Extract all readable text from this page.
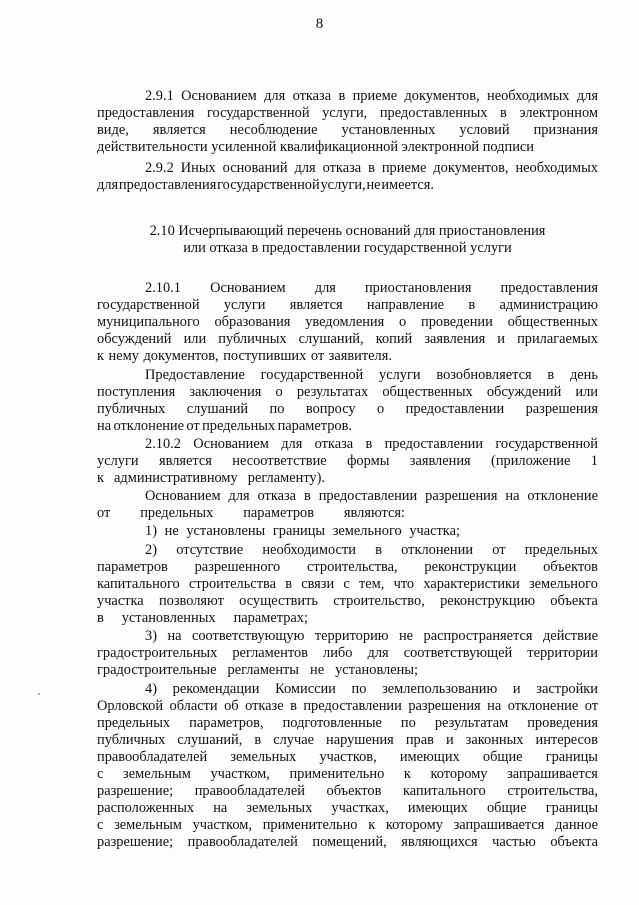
8
2.9.1 Основанием для отказа в приеме документов, необходимых для
предоставления государственной услуги, предоставленных в электронном
виде, является несоблюдение установленных условий признания
действительности усиленной квалификационной электронной подписи
2.9.2 Иных оснований для отказа в приеме документов, необходимых
для предоставления государственной услуги, не имеется.
2.10.1 Основанием для приостановления предоставления
государственной услуги является направление в администрацию
муниципального образования уведомления о проведении общественных
обсуждений или публичных слушаний, копий заявления и прилагаемых
к нему документов, поступивших от заявителя.
Предоставление государственной услуги возобновляется в день
поступления заключения о результатах общественных обсуждений или
публичных слушаний по вопросу о предоставлении разрешения
на отклонение от предельных параметров.
2.10.2 Основанием для отказа в предоставлении государственной
услуги является несоответствие формы заявления (приложение 1
к административному регламенту).
Основанием для отказа в предоставлении разрешения на отклонение
от предельных параметров являются:
1) не установлены границы земельного участка;
2) отсутствие необходимости в отклонении от предельных
параметров разрешенного строительства, реконструкции объектов
капитального строительства в связи с тем, что характеристики земельного
участка позволяют осуществить строительство, реконструкцию объекта
в установленных параметрах;
3) на соответствующую территорию не распространяется действие
градостроительных регламентов либо для соответствующей территории
градостроительные регламенты не установлены;
4) рекомендации Комиссии по землепользованию и застройки
Орловской области об отказе в предоставлении разрешения на отклонение от
предельных параметров, подготовленные по результатам проведения
публичных слушаний, в случае нарушения прав и законных интересов
правообладателей земельных участков, имеющих общие границы
с земельным участком, применительно к которому запрашивается
разрешение; правообладателей объектов капитального строительства,
расположенных на земельных участках, имеющих общие границы
с земельным участком, применительно к которому запрашивается данное
разрешение; правообладателей помещений, являющихся частью объекта
2.10 Исчерпывающий перечень оснований для приостановления
или отказа в предоставлении государственной услуги
